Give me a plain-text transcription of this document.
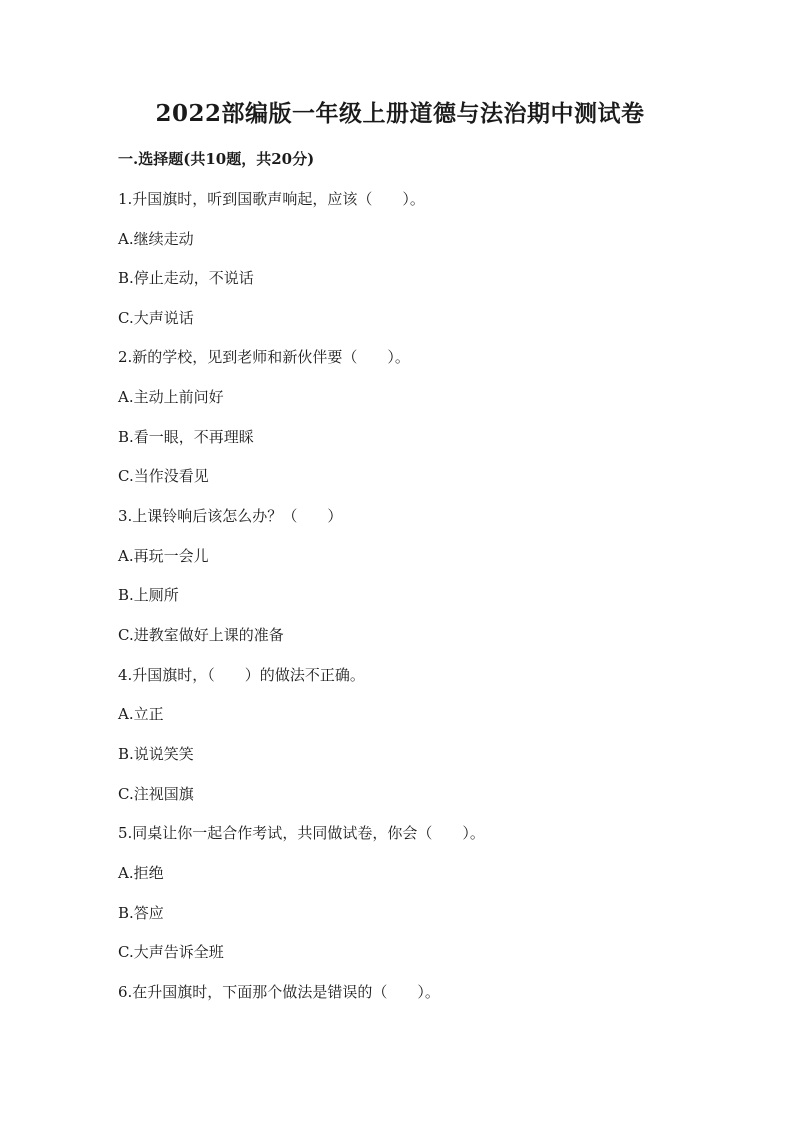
2022部编版一年级上册道德与法治期中测试卷
一.选择题(共10题，共20分)
1.升国旗时，听到国歌声响起，应该（　　）。
A.继续走动
B.停止走动，不说话
C.大声说话
2.新的学校，见到老师和新伙伴要（　　）。
A.主动上前问好
B.看一眼，不再理睬
C.当作没看见
3.上课铃响后该怎么办？（　　）
A.再玩一会儿
B.上厕所
C.进教室做好上课的准备
4.升国旗时，（　　）的做法不正确。
A.立正
B.说说笑笑
C.注视国旗
5.同桌让你一起合作考试，共同做试卷，你会（　　）。
A.拒绝
B.答应
C.大声告诉全班
6.在升国旗时，下面那个做法是错误的（　　）。
